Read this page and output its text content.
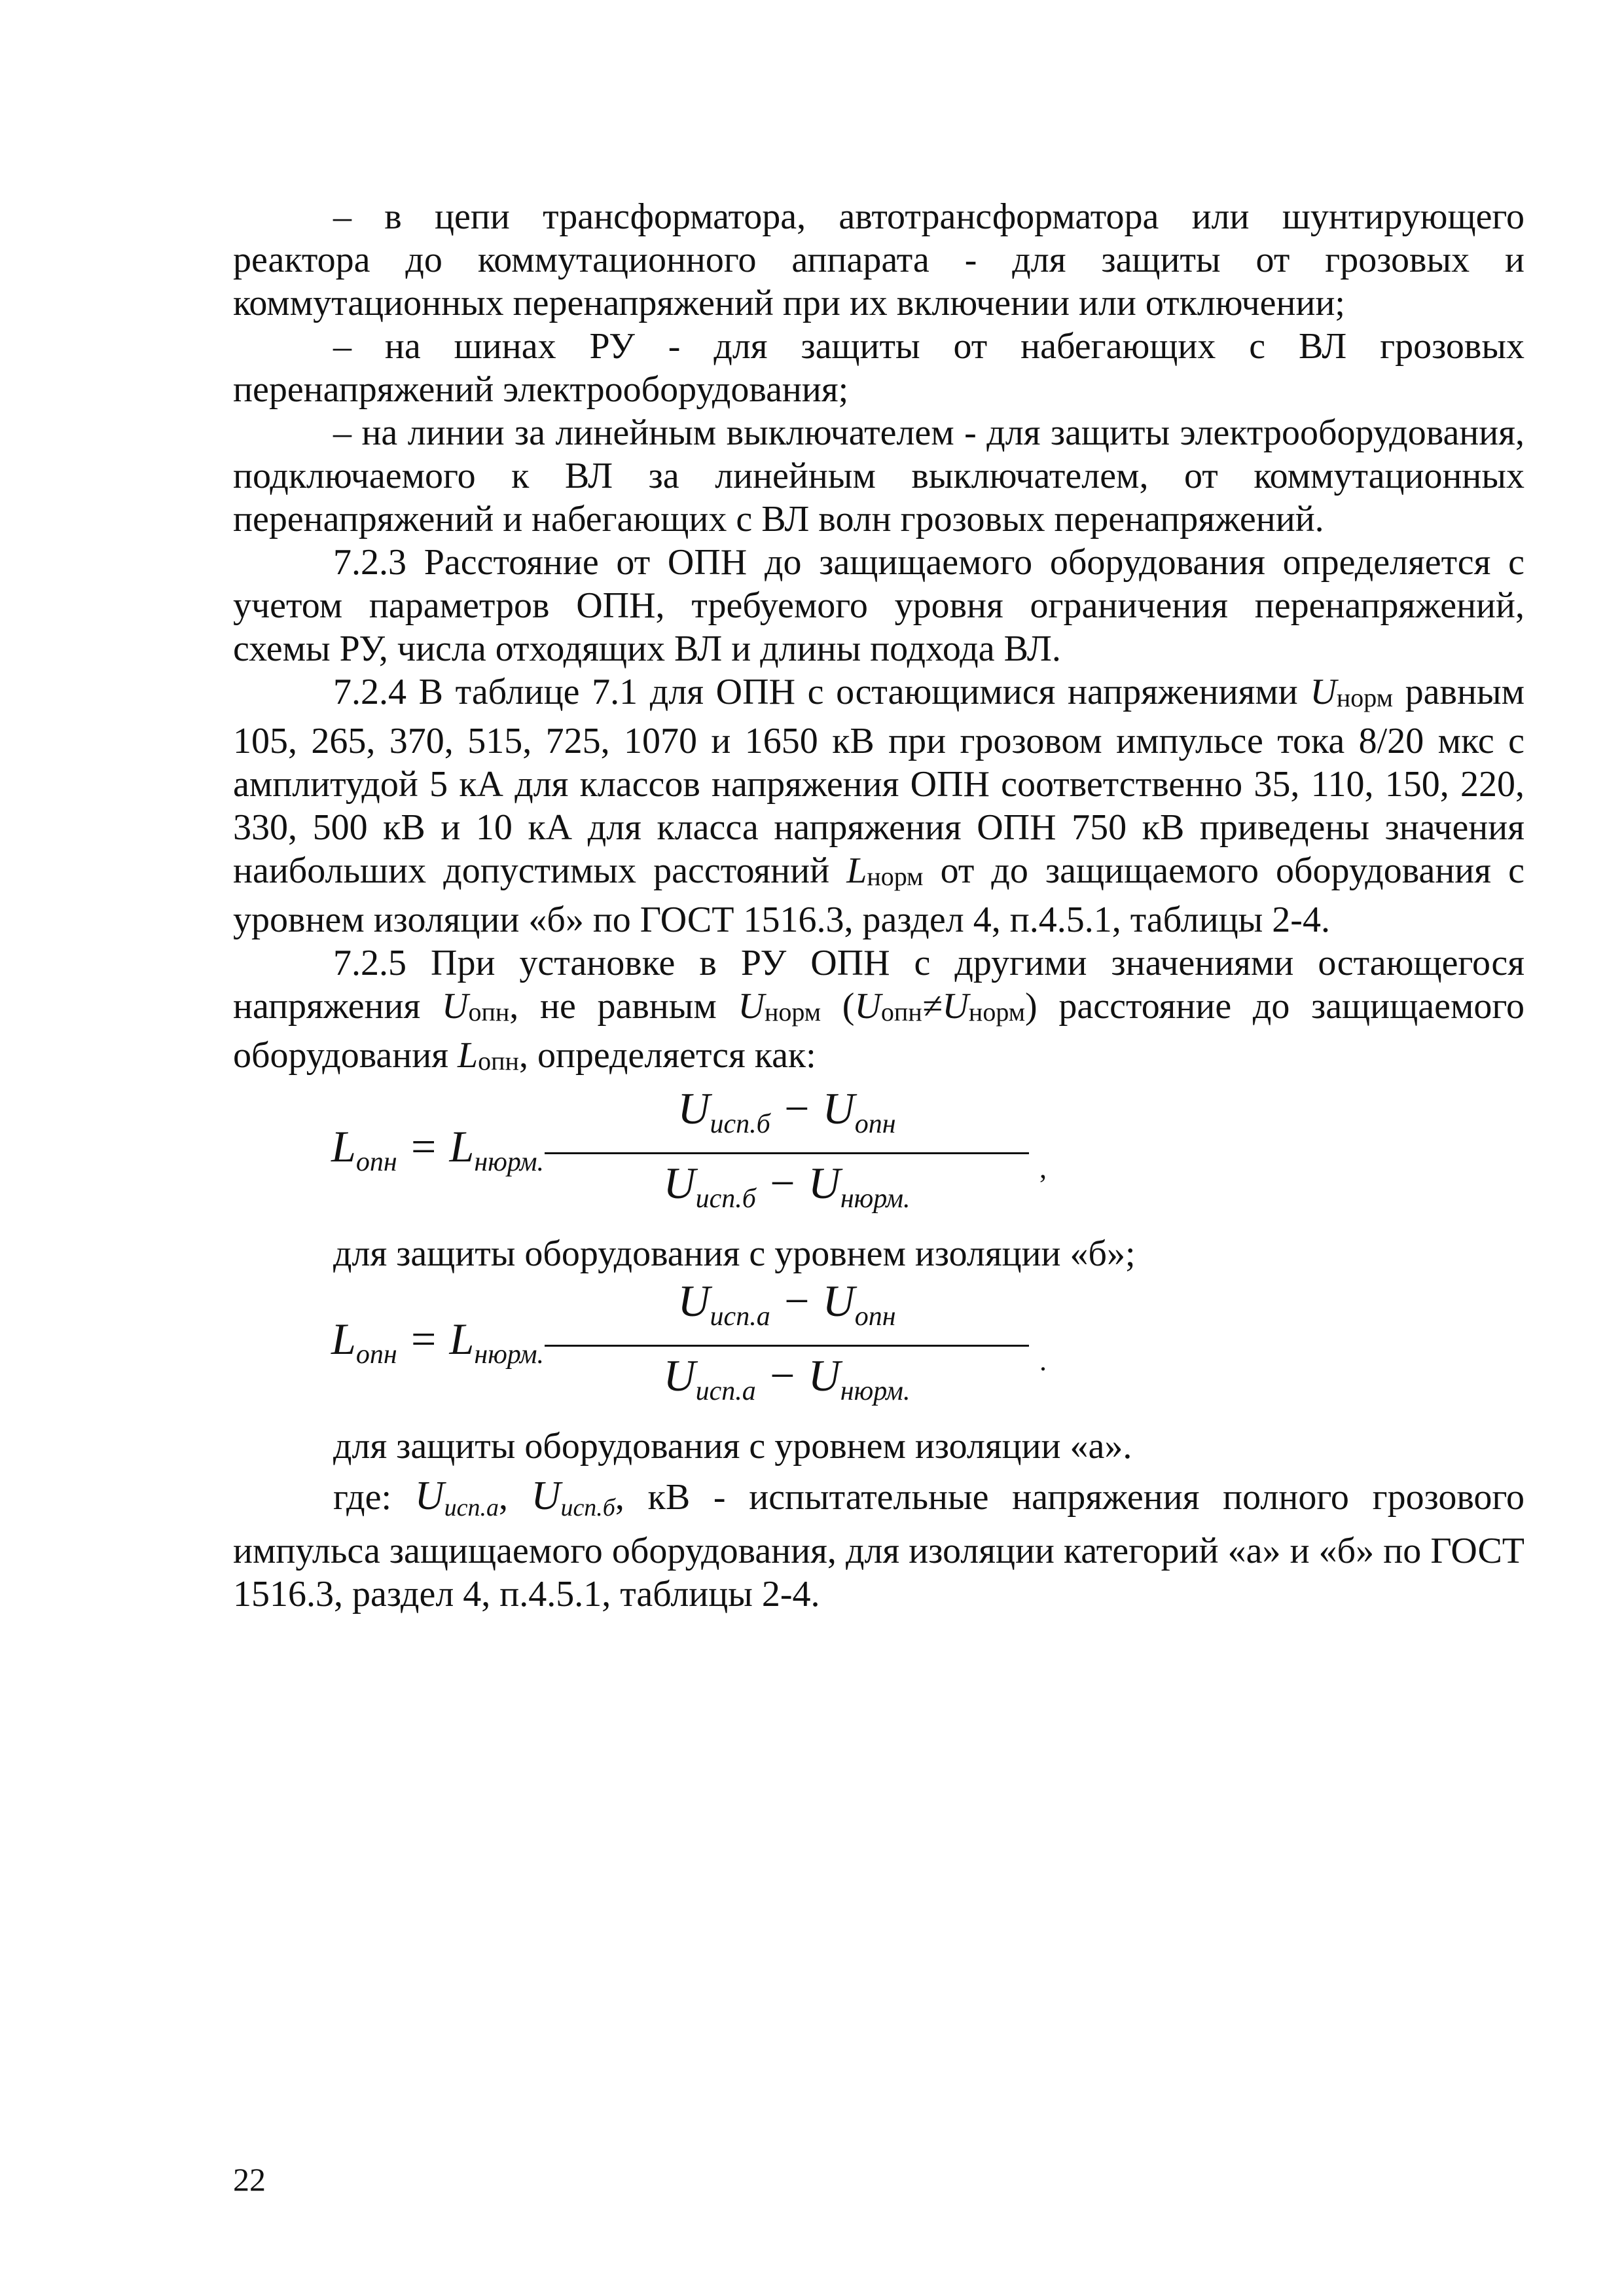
– в цепи трансформатора, автотрансформатора или шунтирующего реактора до коммутационного аппарата - для защиты от грозовых и коммутационных перенапряжений при их включении или отключении;

– на шинах РУ - для защиты от набегающих с ВЛ грозовых перенапряжений электрооборудования;

– на линии за линейным выключателем - для защиты электрооборудования, подключаемого к ВЛ за линейным выключателем, от коммутационных перенапряжений и набегающих с ВЛ волн грозовых перенапряжений.

7.2.3 Расстояние от ОПН до защищаемого оборудования определяется с учетом параметров ОПН, требуемого уровня ограничения перенапряжений, схемы РУ, числа отходящих ВЛ и длины подхода ВЛ.

7.2.4 В таблице 7.1 для ОПН с остающимися напряжениями Uнорм равным 105, 265, 370, 515, 725, 1070 и 1650 кВ при грозовом импульсе тока 8/20 мкс с амплитудой 5 кА для классов напряжения ОПН соответственно 35, 110, 150, 220, 330, 500 кВ и 10 кА для класса напряжения ОПН 750 кВ приведены значения наибольших допустимых расстояний Lнорм от до защищаемого оборудования с уровнем изоляции «б» по ГОСТ 1516.3, раздел 4, п.4.5.1, таблицы 2-4.

7.2.5 При установке в РУ ОПН с другими значениями остающегося напряжения Uопн, не равным Uнорм (Uопн≠Uнорм) расстояние до защищаемого оборудования Lопн, определяется как:

$L_{опн} = L_{нюрм.}$
$U_{исп.б} - U_{опн}$
$U_{исп.б} - U_{нюрм.}$
,

для защиты оборудования с уровнем изоляции «б»;

$L_{опн} = L_{нюрм.}$
$U_{исп.а} - U_{опн}$
$U_{исп.а} - U_{нюрм.}$
.

для защиты оборудования с уровнем изоляции «а».

где: Uисп.а, Uисп.б, кВ - испытательные напряжения полного грозового импульса защищаемого оборудования, для изоляции категорий «а» и «б» по ГОСТ 1516.3, раздел 4, п.4.5.1, таблицы 2-4.

22
